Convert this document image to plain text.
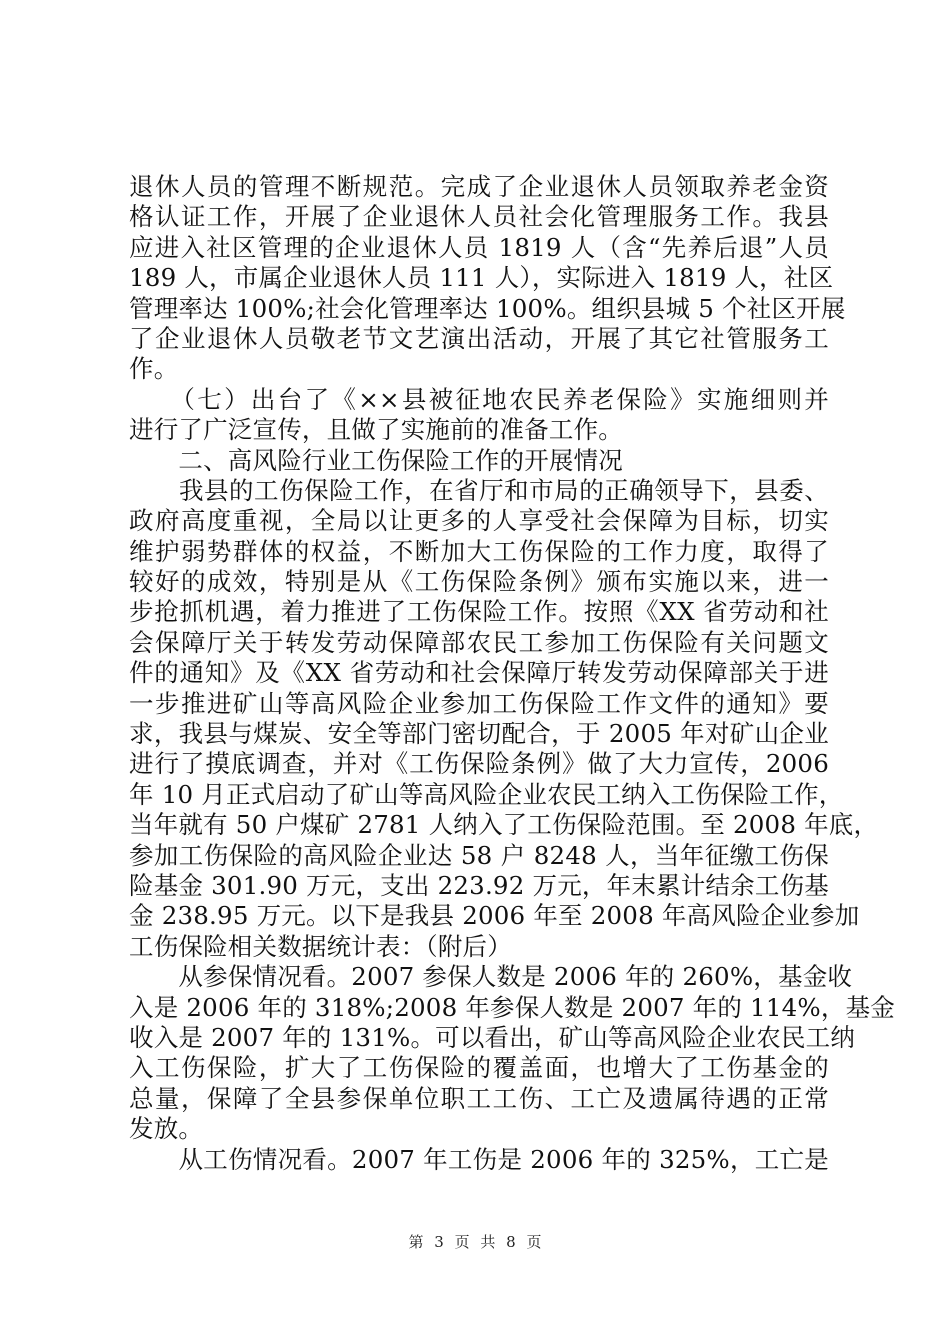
退休人员的管理不断规范。完成了企业退休人员领取养老金资
格认证工作，开展了企业退休人员社会化管理服务工作。我县
应进入社区管理的企业退休人员 1819 人（含“先养后退”人员
189 人，市属企业退休人员 111 人），实际进入 1819 人，社区
管理率达 100%;社会化管理率达 100%。组织县城 5 个社区开展
了企业退休人员敬老节文艺演出活动，开展了其它社管服务工
作。
　　（七）出台了《××县被征地农民养老保险》实施细则并
进行了广泛宣传，且做了实施前的准备工作。
　　二、高风险行业工伤保险工作的开展情况
　　我县的工伤保险工作，在省厅和市局的正确领导下，县委、
政府高度重视，全局以让更多的人享受社会保障为目标，切实
维护弱势群体的权益，不断加大工伤保险的工作力度，取得了
较好的成效，特别是从《工伤保险条例》颁布实施以来，进一
步抢抓机遇，着力推进了工伤保险工作。按照《XX 省劳动和社
会保障厅关于转发劳动保障部农民工参加工伤保险有关问题文
件的通知》及《XX 省劳动和社会保障厅转发劳动保障部关于进
一步推进矿山等高风险企业参加工伤保险工作文件的通知》要
求，我县与煤炭、安全等部门密切配合，于 2005 年对矿山企业
进行了摸底调查，并对《工伤保险条例》做了大力宣传，2006
年 10 月正式启动了矿山等高风险企业农民工纳入工伤保险工作，
当年就有 50 户煤矿 2781 人纳入了工伤保险范围。至 2008 年底，
参加工伤保险的高风险企业达 58 户 8248 人，当年征缴工伤保
险基金 301.90 万元，支出 223.92 万元，年末累计结余工伤基
金 238.95 万元。以下是我县 2006 年至 2008 年高风险企业参加
工伤保险相关数据统计表：（附后）
　　从参保情况看。2007 参保人数是 2006 年的 260%，基金收
入是 2006 年的 318%;2008 年参保人数是 2007 年的 114%，基金
收入是 2007 年的 131%。可以看出，矿山等高风险企业农民工纳
入工伤保险，扩大了工伤保险的覆盖面，也增大了工伤基金的
总量，保障了全县参保单位职工工伤、工亡及遗属待遇的正常
发放。
　　从工伤情况看。2007 年工伤是 2006 年的 325%，工亡是
第 3 页 共 8 页
